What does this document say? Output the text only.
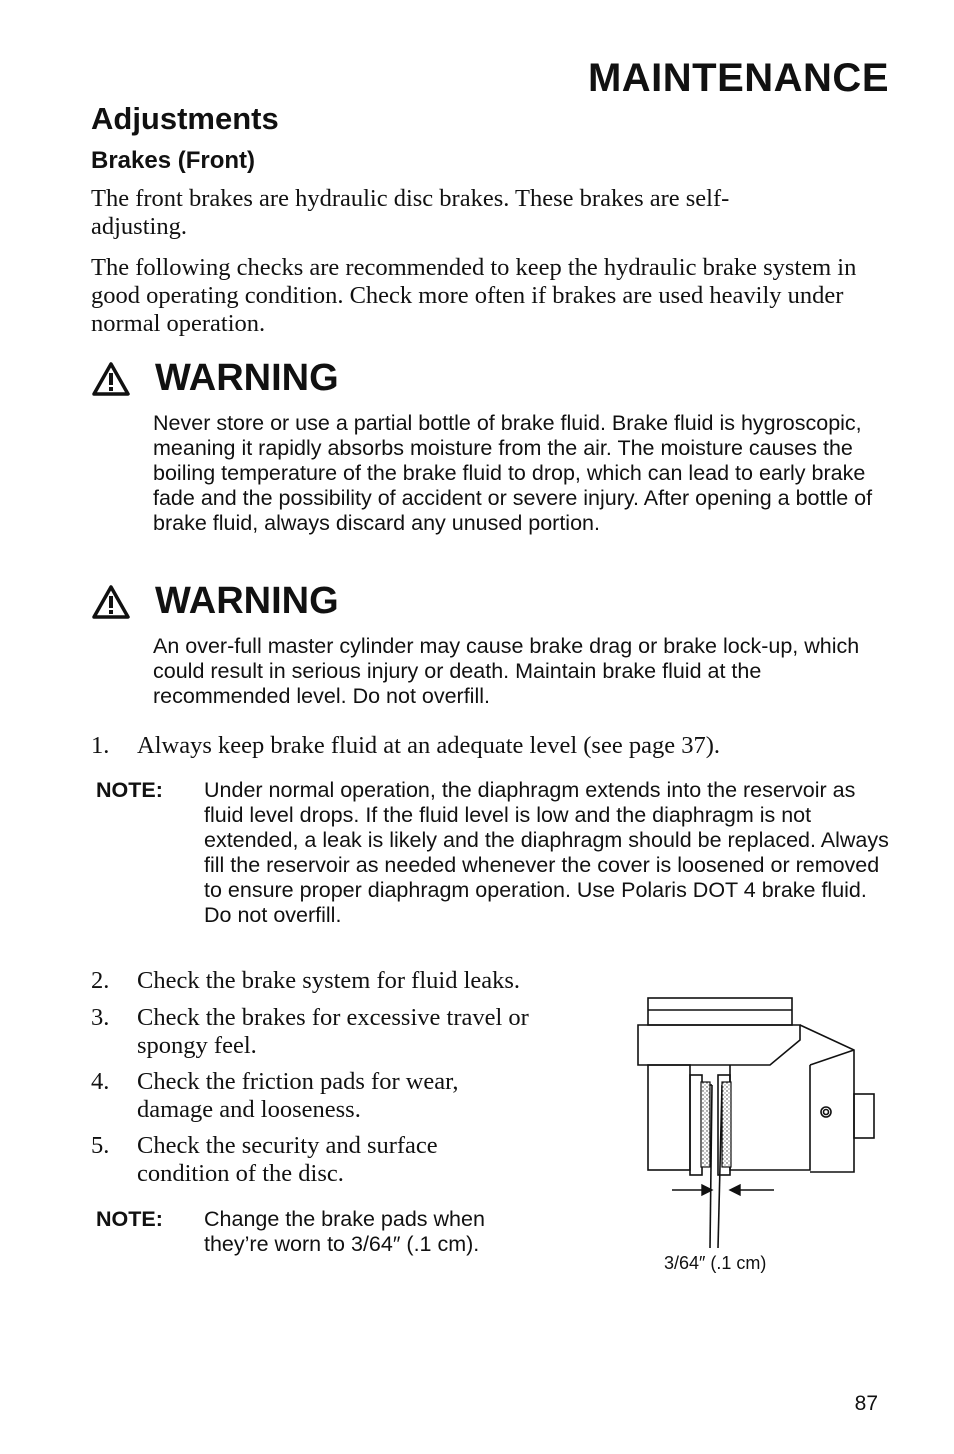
MAINTENANCE
Adjustments
Brakes (Front)
The front brakes are hydraulic disc brakes. These brakes are self-adjusting.
The following checks are recommended to keep the hydraulic brake system in good operating condition. Check more often if brakes are used heavily under normal operation.
WARNING
Never store or use a partial bottle of brake fluid. Brake fluid is hygroscopic, meaning it rapidly absorbs moisture from the air. The moisture causes the boiling temperature of the brake fluid to drop, which can lead to early brake fade and the possibility of accident or severe injury. After opening a bottle of brake fluid, always discard any unused portion.
WARNING
An over-full master cylinder may cause brake drag or brake lock-up, which could result in serious injury or death. Maintain brake fluid at the recommended level. Do not overfill.
1.	Always keep brake fluid at an adequate level (see page 37).
NOTE:	Under normal operation, the diaphragm extends into the reservoir as fluid level drops. If the fluid level is low and the diaphragm is not extended, a leak is likely and the diaphragm should be replaced. Always fill the reservoir as needed whenever the cover is loosened or removed to ensure proper diaphragm operation. Use Polaris DOT 4 brake fluid. Do not overfill.
2.	Check the brake system for fluid leaks.
3.	Check the brakes for excessive travel or spongy feel.
4.	Check the friction pads for wear, damage and looseness.
5.	Check the security and surface condition of the disc.
NOTE:	Change the brake pads when they’re worn to 3/64″ (.1 cm).
3/64″ (.1 cm)
87
